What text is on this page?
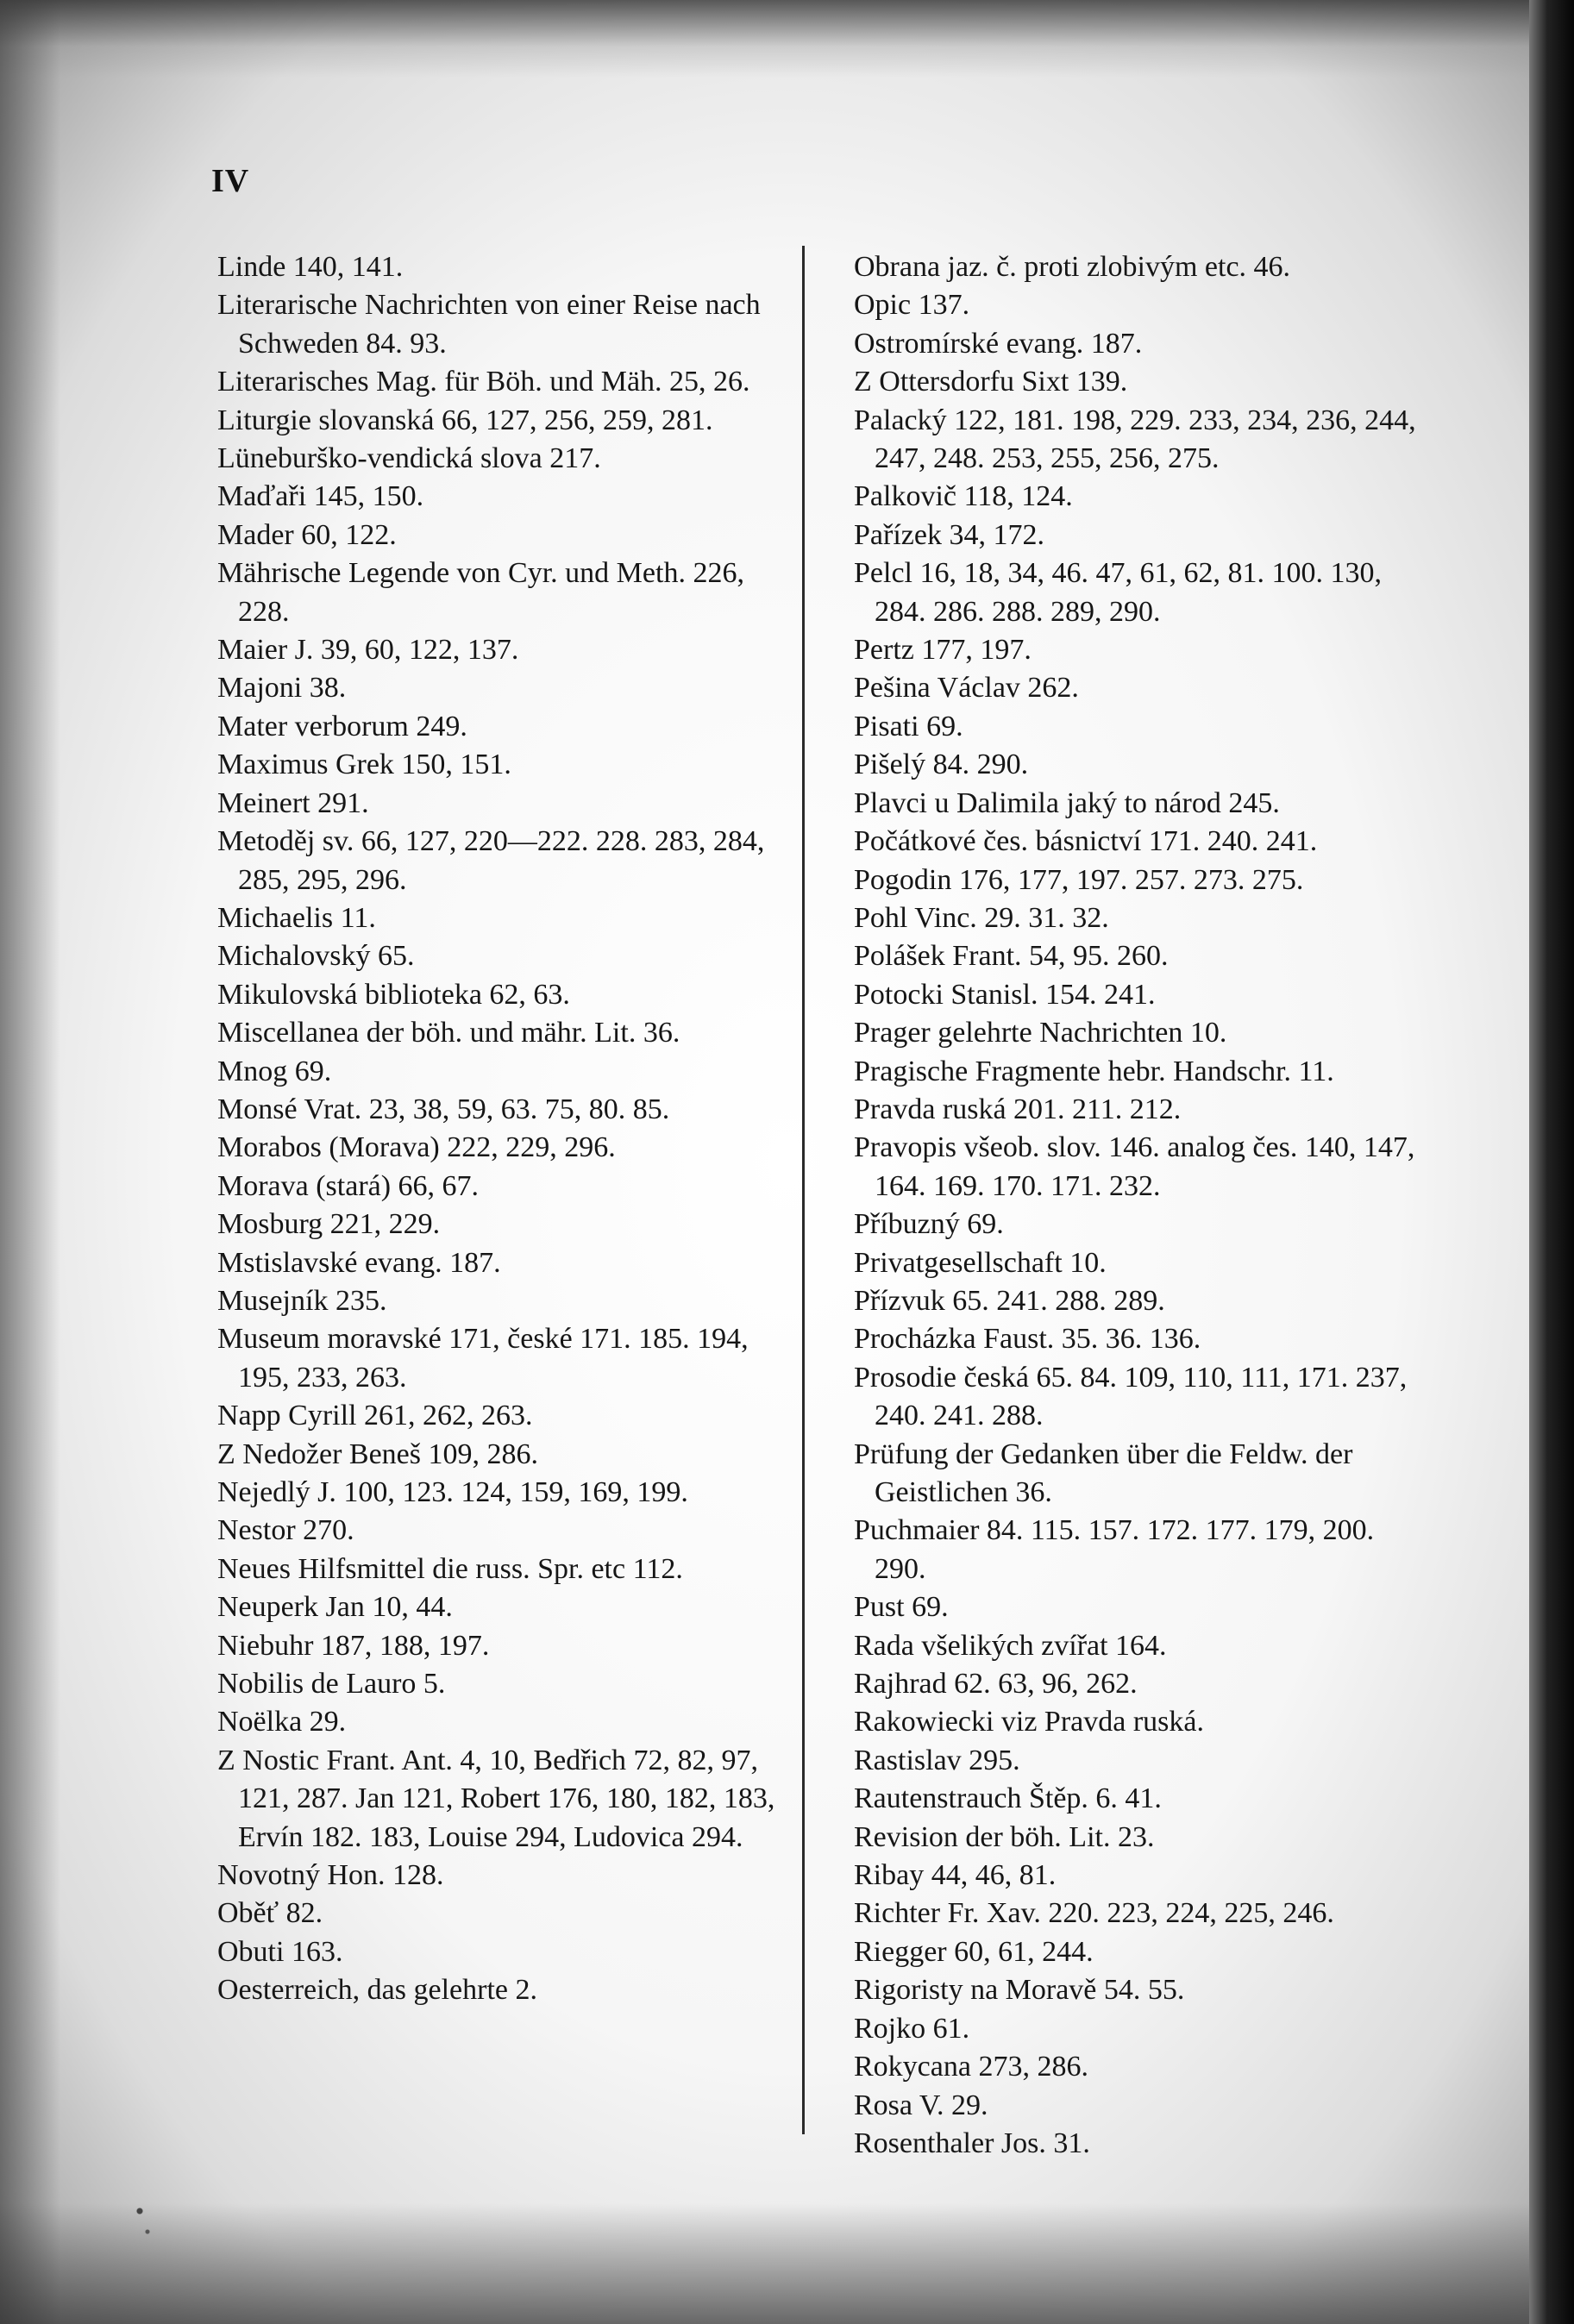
IV
Linde 140, 141.
Literarische Nachrichten von einer Reise nach Schweden 84. 93.
Literarisches Mag. für Böh. und Mäh. 25, 26.
Liturgie slovanská 66, 127, 256, 259, 281.
Lüneburško-vendická slova 217.
Maďaři 145, 150.
Mader 60, 122.
Mährische Legende von Cyr. und Meth. 226, 228.
Maier J. 39, 60, 122, 137.
Majoni 38.
Mater verborum 249.
Maximus Grek 150, 151.
Meinert 291.
Metoděj sv. 66, 127, 220—222. 228. 283, 284, 285, 295, 296.
Michaelis 11.
Michalovský 65.
Mikulovská biblioteka 62, 63.
Miscellanea der böh. und mähr. Lit. 36.
Mnog 69.
Monsé Vrat. 23, 38, 59, 63. 75, 80. 85.
Morabos (Morava) 222, 229, 296.
Morava (stará) 66, 67.
Mosburg 221, 229.
Mstislavské evang. 187.
Musejník 235.
Museum moravské 171, české 171. 185. 194, 195, 233, 263.
Napp Cyrill 261, 262, 263.
Z Nedožer Beneš 109, 286.
Nejedlý J. 100, 123. 124, 159, 169, 199.
Nestor 270.
Neues Hilfsmittel die russ. Spr. etc 112.
Neuperk Jan 10, 44.
Niebuhr 187, 188, 197.
Nobilis de Lauro 5.
Noëlka 29.
Z Nostic Frant. Ant. 4, 10, Bedřich 72, 82, 97, 121, 287. Jan 121, Robert 176, 180, 182, 183, Ervín 182. 183, Louise 294, Ludovica 294.
Novotný Hon. 128.
Oběť 82.
Obuti 163.
Oesterreich, das gelehrte 2.
Obrana jaz. č. proti zlobivým etc. 46.
Opic 137.
Ostromírské evang. 187.
Z Ottersdorfu Sixt 139.
Palacký 122, 181. 198, 229. 233, 234, 236, 244, 247, 248. 253, 255, 256, 275.
Palkovič 118, 124.
Pařízek 34, 172.
Pelcl 16, 18, 34, 46. 47, 61, 62, 81. 100. 130, 284. 286. 288. 289, 290.
Pertz 177, 197.
Pešina Václav 262.
Pisati 69.
Pišelý 84. 290.
Plavci u Dalimila jaký to národ 245.
Počátkové čes. básnictví 171. 240. 241.
Pogodin 176, 177, 197. 257. 273. 275.
Pohl Vinc. 29. 31. 32.
Polášek Frant. 54, 95. 260.
Potocki Stanisl. 154. 241.
Prager gelehrte Nachrichten 10.
Pragische Fragmente hebr. Handschr. 11.
Pravda ruská 201. 211. 212.
Pravopis všeob. slov. 146. analog čes. 140, 147, 164. 169. 170. 171. 232.
Příbuzný 69.
Privatgesellschaft 10.
Přízvuk 65. 241. 288. 289.
Procházka Faust. 35. 36. 136.
Prosodie česká 65. 84. 109, 110, 111, 171. 237, 240. 241. 288.
Prüfung der Gedanken über die Feldw. der Geistlichen 36.
Puchmaier 84. 115. 157. 172. 177. 179, 200. 290.
Pust 69.
Rada všelikých zvířat 164.
Rajhrad 62. 63, 96, 262.
Rakowiecki viz Pravda ruská.
Rastislav 295.
Rautenstrauch Štěp. 6. 41.
Revision der böh. Lit. 23.
Ribay 44, 46, 81.
Richter Fr. Xav. 220. 223, 224, 225, 246.
Riegger 60, 61, 244.
Rigoristy na Moravě 54. 55.
Rojko 61.
Rokycana 273, 286.
Rosa V. 29.
Rosenthaler Jos. 31.
